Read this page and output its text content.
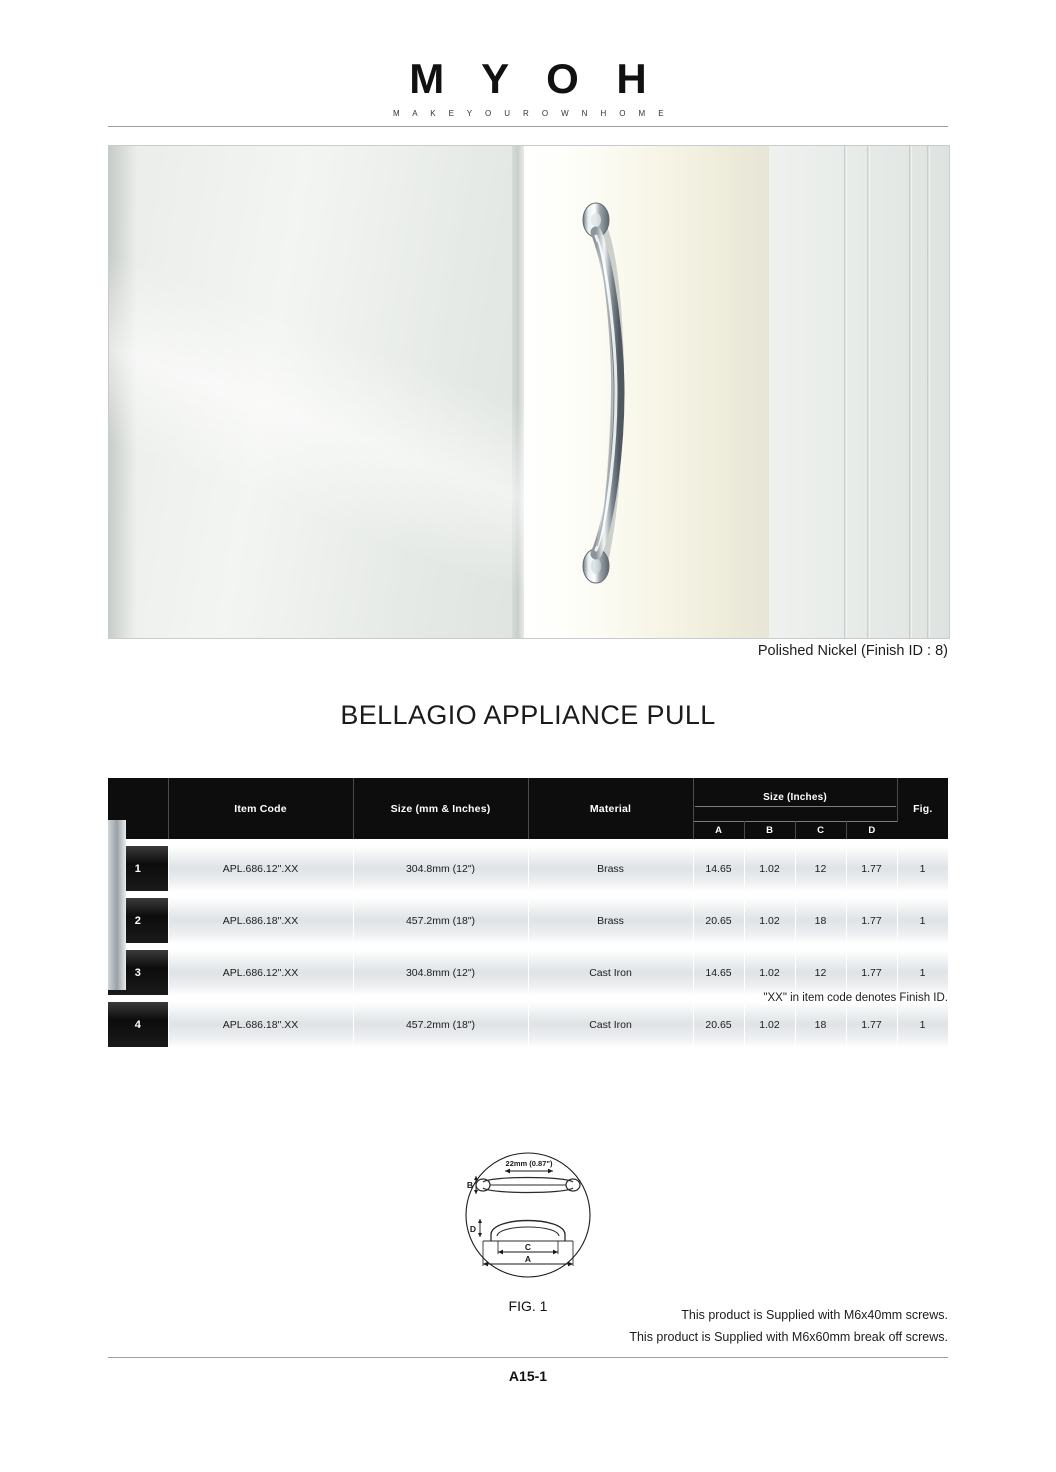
M Y O H
M A K E Y O U R O W N H O M E
Polished Nickel (Finish ID : 8)
BELLAGIO APPLIANCE PULL
	Item Code	Size (mm & Inches)	Material	Size (Inches)				Fig.
				A	B	C	D	

1	APL.686.12".XX	304.8mm (12")	Brass	14.65	1.02	12	1.77	1

2	APL.686.18".XX	457.2mm (18")	Brass	20.65	1.02	18	1.77	1

3	APL.686.12".XX	304.8mm (12")	Cast Iron	14.65	1.02	12	1.77	1

4	APL.686.18".XX	457.2mm (18")	Cast Iron	20.65	1.02	18	1.77	1
"XX" in item code denotes Finish ID.
22mm (0.87")
B
D
C
A
FIG. 1
This product is Supplied with M6x40mm screws.
This product is Supplied with M6x60mm break off screws.
A15-1
